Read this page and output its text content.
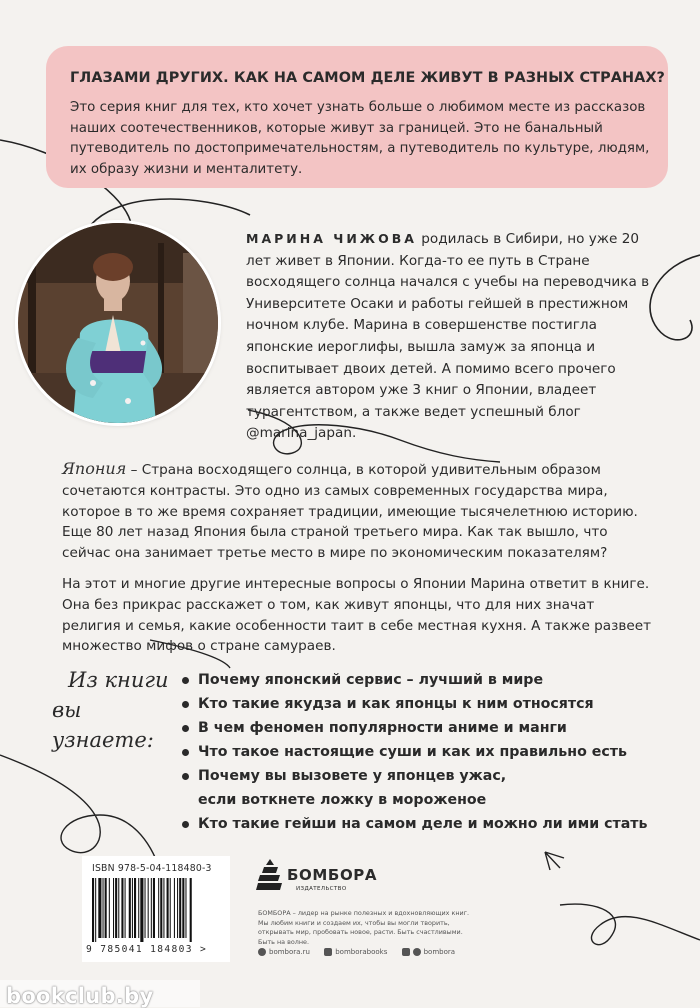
ГЛАЗАМИ ДРУГИХ. КАК НА САМОМ ДЕЛЕ ЖИВУТ В РАЗНЫХ СТРАНАХ?
Это серия книг для тех, кто хочет узнать больше о любимом месте из рассказов наших соотечественников, которые живут за границей. Это не банальный путеводитель по достопримечательностям, а путеводитель по культуре, людям, их образу жизни и менталитету.
МАРИНА ЧИЖОВА родилась в Сибири, но уже 20 лет живет в Японии. Когда-то ее путь в Стране восходящего солнца начался с учебы на переводчика в Университете Осаки и работы гейшей в престижном ночном клубе. Марина в совершенстве постигла японские иероглифы, вышла замуж за японца и воспитывает двоих детей. А помимо всего прочего является автором уже 3 книг о Японии, владеет турагентством, а также ведет успешный блог @marina_japan.
Япония – Страна восходящего солнца, в которой удивительным образом сочетаются контрасты. Это одно из самых современных государства мира, которое в то же время сохраняет традиции, имеющие тысячелетнюю историю. Еще 80 лет назад Япония была страной третьего мира. Как так вышло, что сейчас она занимает третье место в мире по экономическим показателям?
На этот и многие другие интересные вопросы о Японии Марина ответит в книге. Она без прикрас расскажет о том, как живут японцы, что для них значат религия и семья, какие особенности таит в себе местная кухня. А также развеет множество мифов о стране самураев.
Из книги
вы узнаете:
Почему японский сервис – лучший в мире
Кто такие якудза и как японцы к ним относятся
В чем феномен популярности аниме и манги
Что такое настоящие суши и как их правильно есть
Почему вы вызовете у японцев ужас,
если воткнете ложку в мороженое
Кто такие гейши на самом деле и можно ли ими стать
ISBN 978-5-04-118480-3
9 785041 184803 >
БОМБОРА
ИЗДАТЕЛЬСТВО
БОМБОРА – лидер на рынке полезных и вдохновляющих книг. Мы любим книги и создаем их, чтобы вы могли творить, открывать мир, пробовать новое, расти. Быть счастливыми. Быть на волне.
bombora.ru	bomborabooks	bombora
bookclub.by
